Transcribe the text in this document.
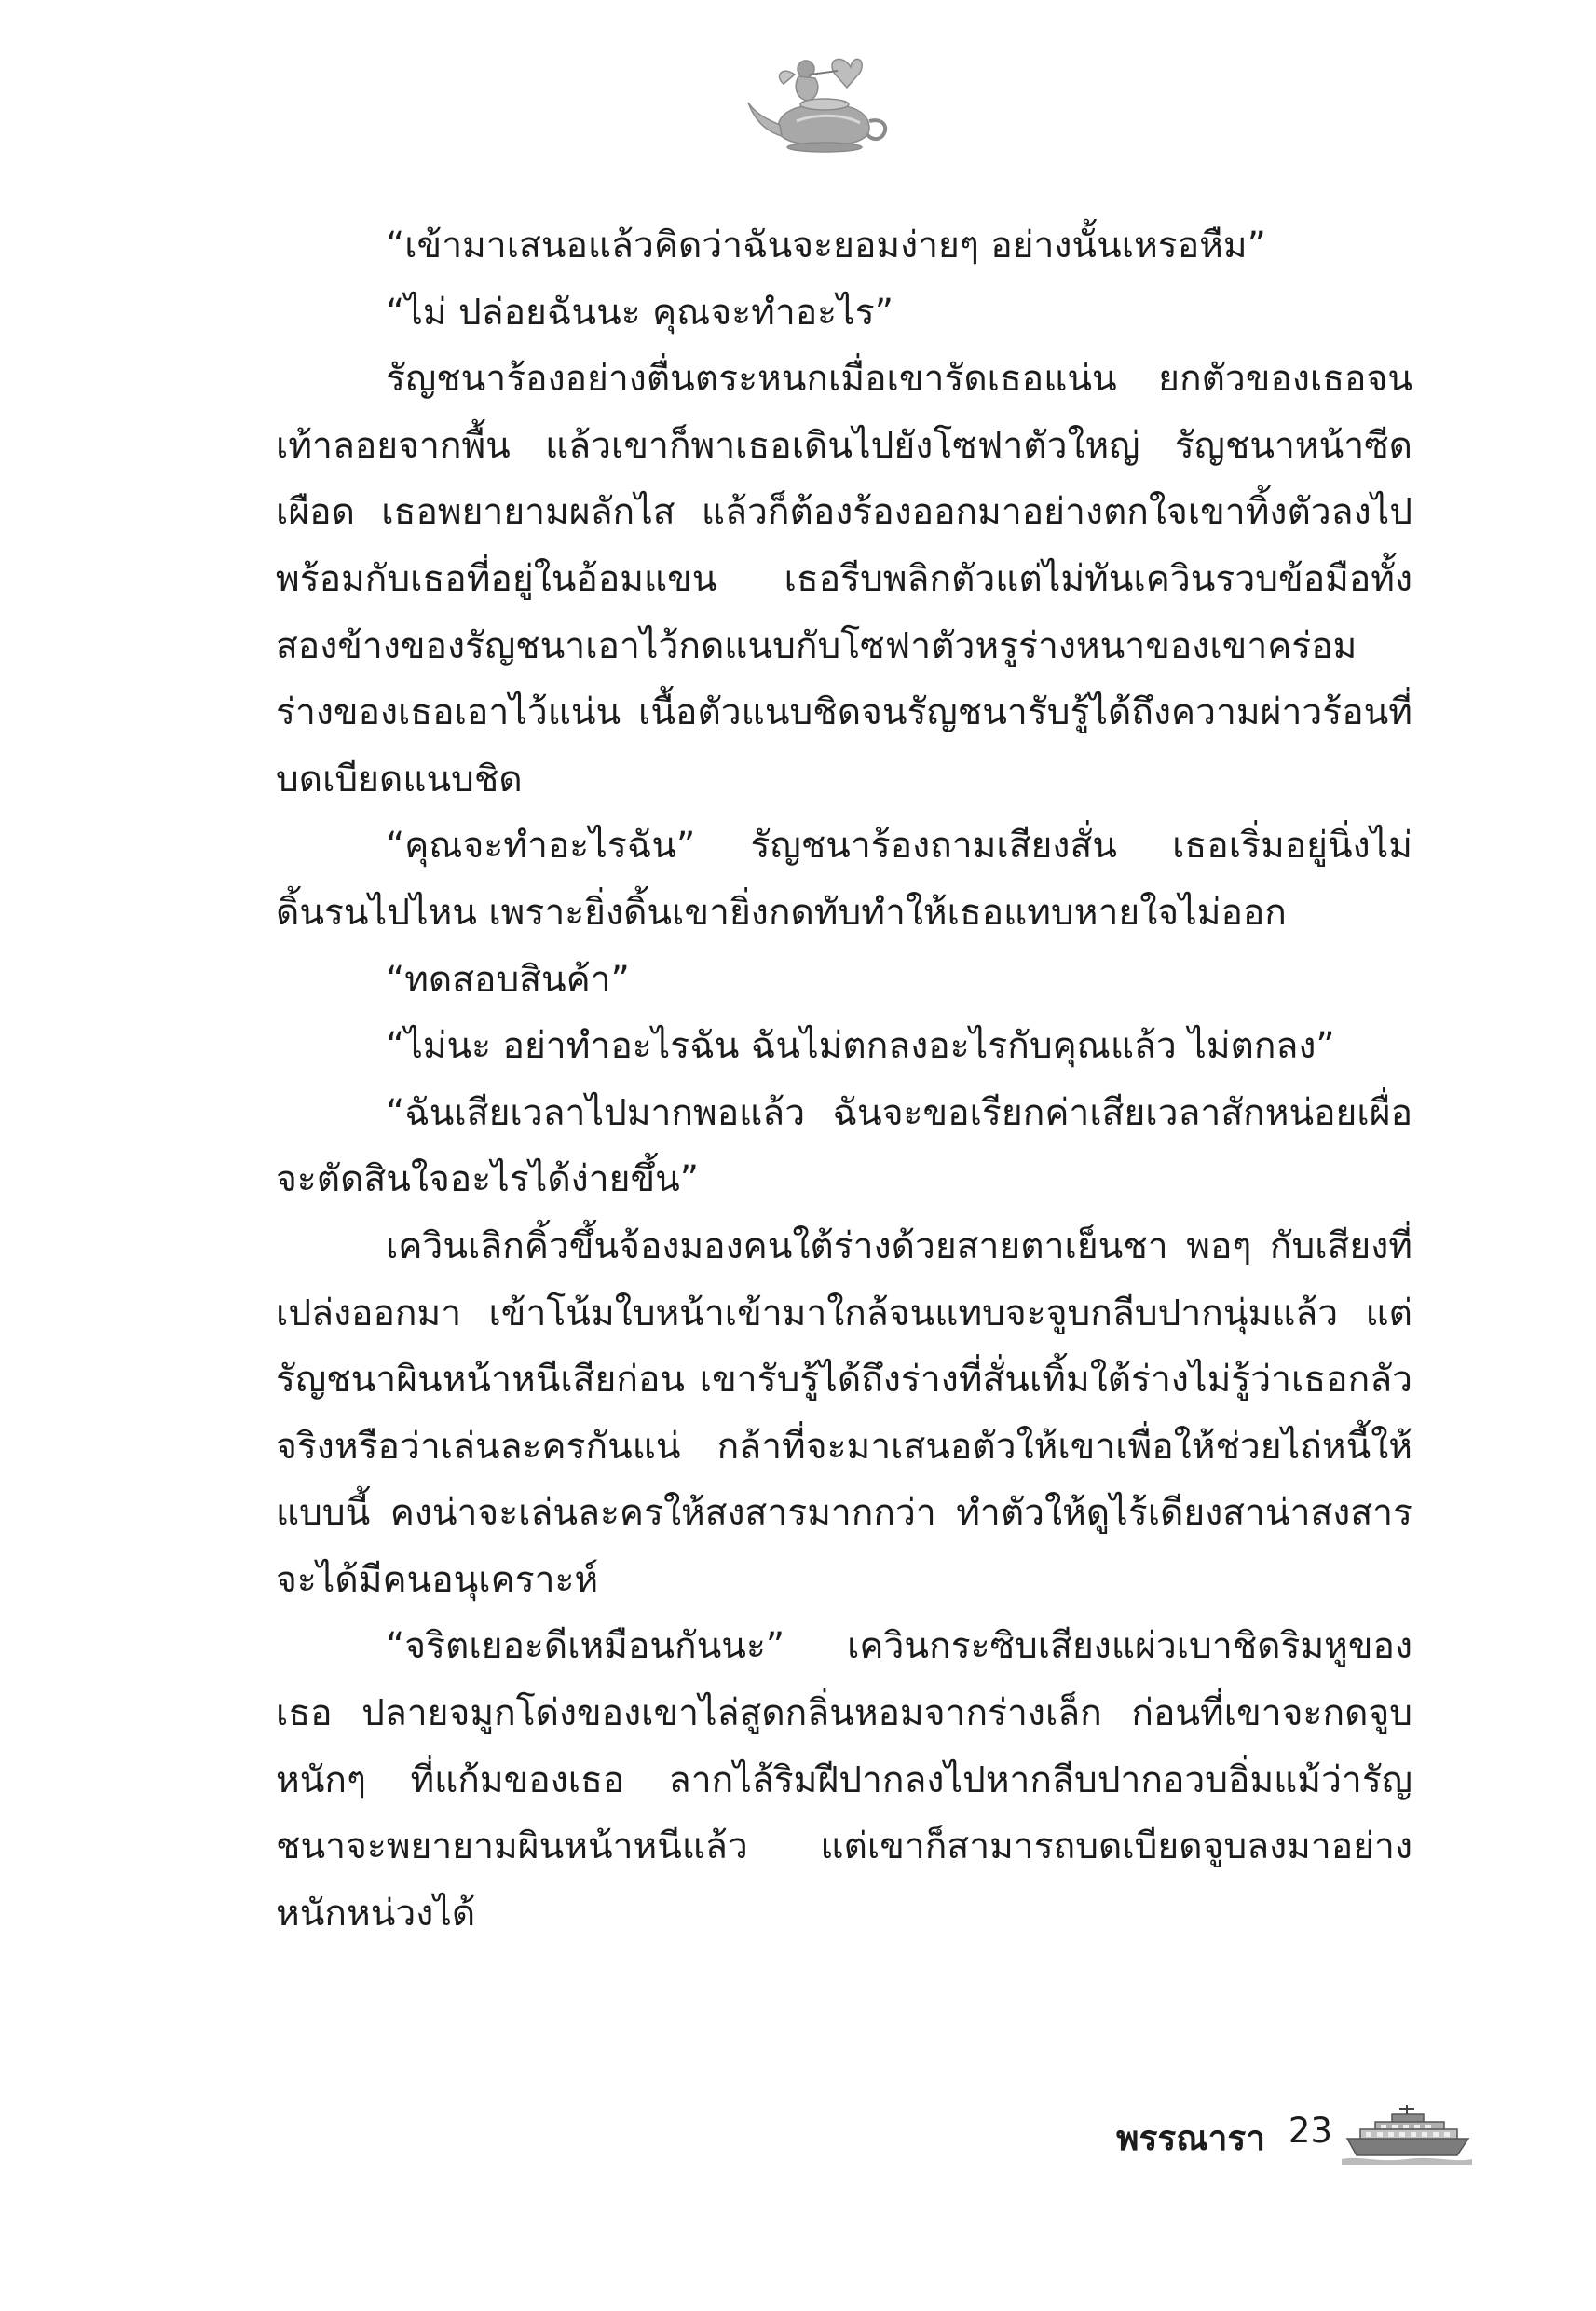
“เข้ามาเสนอแล้วคิดว่าฉันจะยอมง่ายๆ อย่างนั้นเหรอหืม”

“ไม่ ปล่อยฉันนะ คุณจะทำอะไร”

รัญชนาร้องอย่างตื่นตระหนกเมื่อเขารัดเธอแน่น ยกตัวของเธอจนเท้าลอยจากพื้น แล้วเขาก็พาเธอเดินไปยังโซฟาตัวใหญ่ รัญชนาหน้าซีดเผือด เธอพยายามผลักไส แล้วก็ต้องร้องออกมาอย่างตกใจเขาทิ้งตัวลงไปพร้อมกับเธอที่อยู่ในอ้อมแขน เธอรีบพลิกตัวแต่ไม่ทันเควินรวบข้อมือทั้งสองข้างของรัญชนาเอาไว้กดแนบกับโซฟาตัวหรูร่างหนาของเขาคร่อมร่างของเธอเอาไว้แน่น เนื้อตัวแนบชิดจนรัญชนารับรู้ได้ถึงความผ่าวร้อนที่บดเบียดแนบชิด

“คุณจะทำอะไรฉัน” รัญชนาร้องถามเสียงสั่น เธอเริ่มอยู่นิ่งไม่ดิ้นรนไปไหน เพราะยิ่งดิ้นเขายิ่งกดทับทำให้เธอแทบหายใจไม่ออก

“ทดสอบสินค้า”

“ไม่นะ อย่าทำอะไรฉัน ฉันไม่ตกลงอะไรกับคุณแล้ว ไม่ตกลง”

“ฉันเสียเวลาไปมากพอแล้ว ฉันจะขอเรียกค่าเสียเวลาสักหน่อยเผื่อจะตัดสินใจอะไรได้ง่ายขึ้น”

เควินเลิกคิ้วขึ้นจ้องมองคนใต้ร่างด้วยสายตาเย็นชา พอๆ กับเสียงที่เปล่งออกมา เข้าโน้มใบหน้าเข้ามาใกล้จนแทบจะจูบกลีบปากนุ่มแล้ว แต่รัญชนาผินหน้าหนีเสียก่อน เขารับรู้ได้ถึงร่างที่สั่นเทิ้มใต้ร่างไม่รู้ว่าเธอกลัวจริงหรือว่าเล่นละครกันแน่ กล้าที่จะมาเสนอตัวให้เขาเพื่อให้ช่วยไถ่หนี้ให้แบบนี้ คงน่าจะเล่นละครให้สงสารมากกว่า ทำตัวให้ดูไร้เดียงสาน่าสงสารจะได้มีคนอนุเคราะห์

“จริตเยอะดีเหมือนกันนะ” เควินกระซิบเสียงแผ่วเบาชิดริมหูของเธอ ปลายจมูกโด่งของเขาไล่สูดกลิ่นหอมจากร่างเล็ก ก่อนที่เขาจะกดจูบหนักๆ ที่แก้มของเธอ ลากไล้ริมฝีปากลงไปหากลีบปากอวบอิ่มแม้ว่ารัญชนาจะพยายามผินหน้าหนีแล้ว แต่เขาก็สามารถบดเบียดจูบลงมาอย่างหนักหน่วงได้

พรรณารา 23
